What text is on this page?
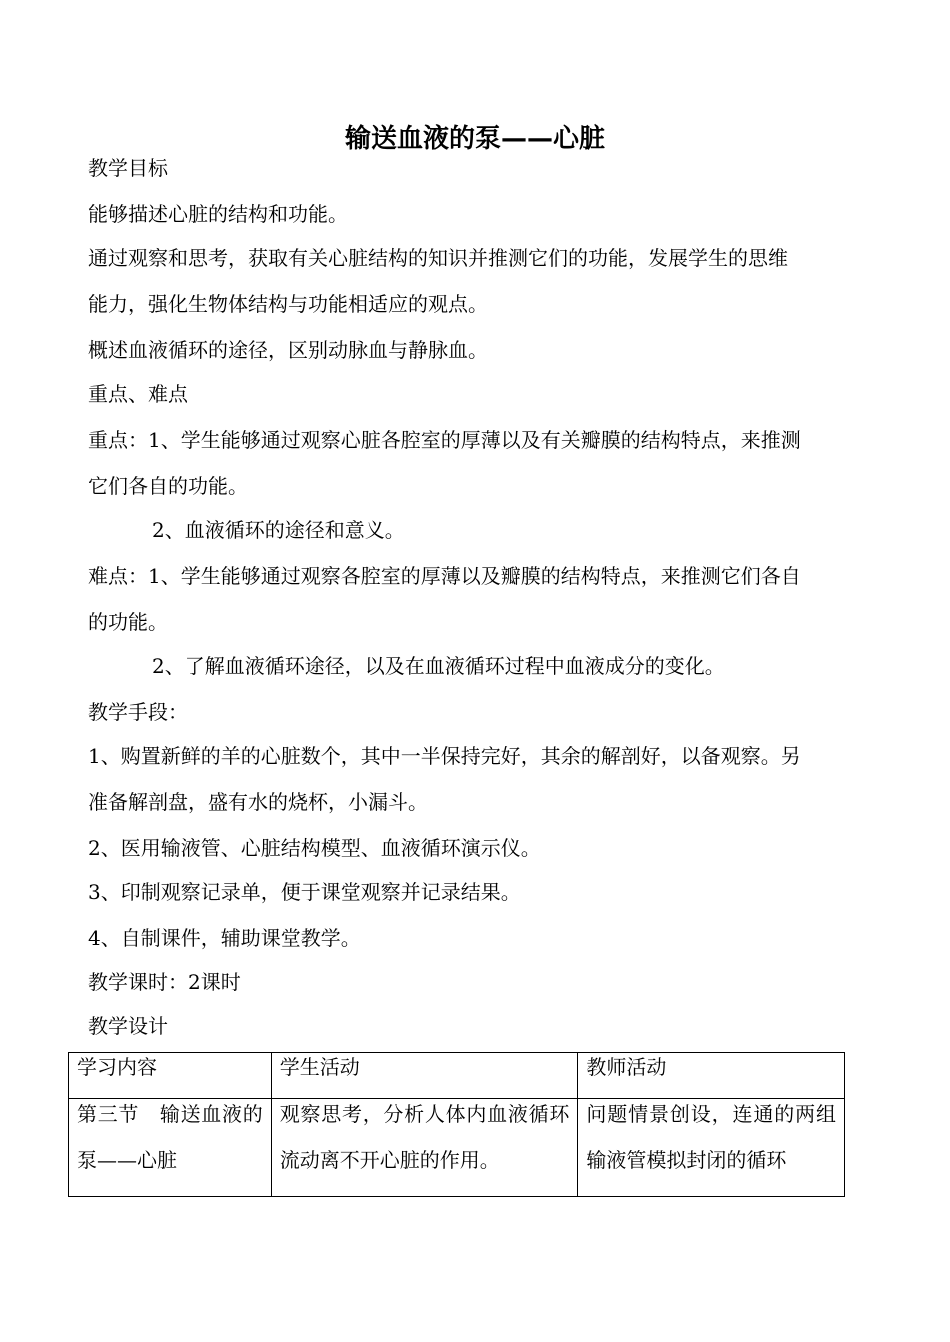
输送血液的泵——心脏
教学目标
能够描述心脏的结构和功能。
通过观察和思考，获取有关心脏结构的知识并推测它们的功能，发展学生的思维
能力，强化生物体结构与功能相适应的观点。
概述血液循环的途径，区别动脉血与静脉血。
重点、难点
重点：1、学生能够通过观察心脏各腔室的厚薄以及有关瓣膜的结构特点，来推测
它们各自的功能。
2、血液循环的途径和意义。
难点：1、学生能够通过观察各腔室的厚薄以及瓣膜的结构特点，来推测它们各自
的功能。
2、了解血液循环途径，以及在血液循环过程中血液成分的变化。
教学手段：
1、购置新鲜的羊的心脏数个，其中一半保持完好，其余的解剖好，以备观察。另
准备解剖盘，盛有水的烧杯，小漏斗。
2、医用输液管、心脏结构模型、血液循环演示仪。
3、印制观察记录单，便于课堂观察并记录结果。
4、自制课件，辅助课堂教学。
教学课时：2课时
教学设计
学习内容	学生活动	教师活动

第三节　输送血液的泵——心脏	观察思考，分析人体内血液循环流动离不开心脏的作用。	问题情景创设，连通的两组输液管模拟封闭的循环
